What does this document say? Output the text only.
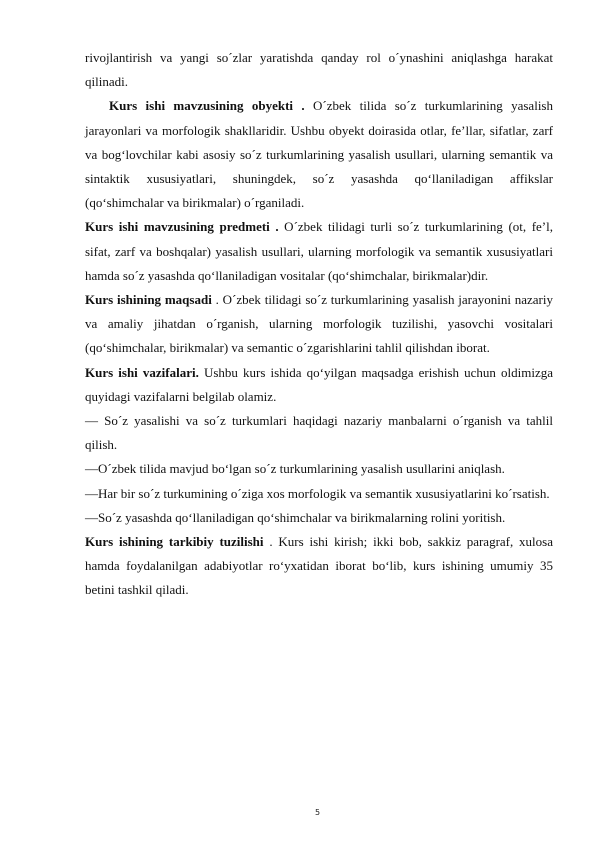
rivojlantirish va yangi so´zlar yaratishda qanday rol o´ynashini aniqlashga harakat qilinadi.

Kurs ishi mavzusining obyekti . O´zbek tilida so´z turkumlarining yasalish jarayonlari va morfologik shakllaridir. Ushbu obyekt doirasida otlar, feʼllar, sifatlar, zarf va bogʻlovchilar kabi asosiy so´z turkumlarining yasalish usullari, ularning semantik va sintaktik xususiyatlari, shuningdek, so´z yasashda qoʻllaniladigan affikslar (qoʻshimchalar va birikmalar) o´rganiladi.

Kurs ishi mavzusining predmeti . O´zbek tilidagi turli so´z turkumlarining (ot, feʼl, sifat, zarf va boshqalar) yasalish usullari, ularning morfologik va semantik xususiyatlari hamda so´z yasashda qoʻllaniladigan vositalar (qoʻshimchalar, birikmalar)dir.

Kurs ishining maqsadi . O´zbek tilidagi so´z turkumlarining yasalish jarayonini nazariy va amaliy jihatdan o´rganish, ularning morfologik tuzilishi, yasovchi vositalari (qoʻshimchalar, birikmalar) va semantic o´zgarishlarini tahlil qilishdan iborat.

Kurs ishi vazifalari. Ushbu kurs ishida qo‘yilgan maqsadga erishish uchun oldimizga quyidagi vazifalarni belgilab olamiz.

— So´z yasalishi va so´z turkumlari haqidagi nazariy manbalarni o´rganish va tahlil qilish.

—O´zbek tilida mavjud boʻlgan so´z turkumlarining yasalish usullarini aniqlash.

—Har bir so´z turkumining o´ziga xos morfologik va semantik xususiyatlarini ko´rsatish.

—So´z yasashda qoʻllaniladigan qoʻshimchalar va birikmalarning rolini yoritish.

Kurs ishining tarkibiy tuzilishi . Kurs ishi kirish; ikki bob, sakkiz paragraf, xulosa hamda foydalanilgan adabiyotlar ro‘yxatidan iborat bo‘lib, kurs ishining umumiy 35 betini tashkil qiladi.

5
